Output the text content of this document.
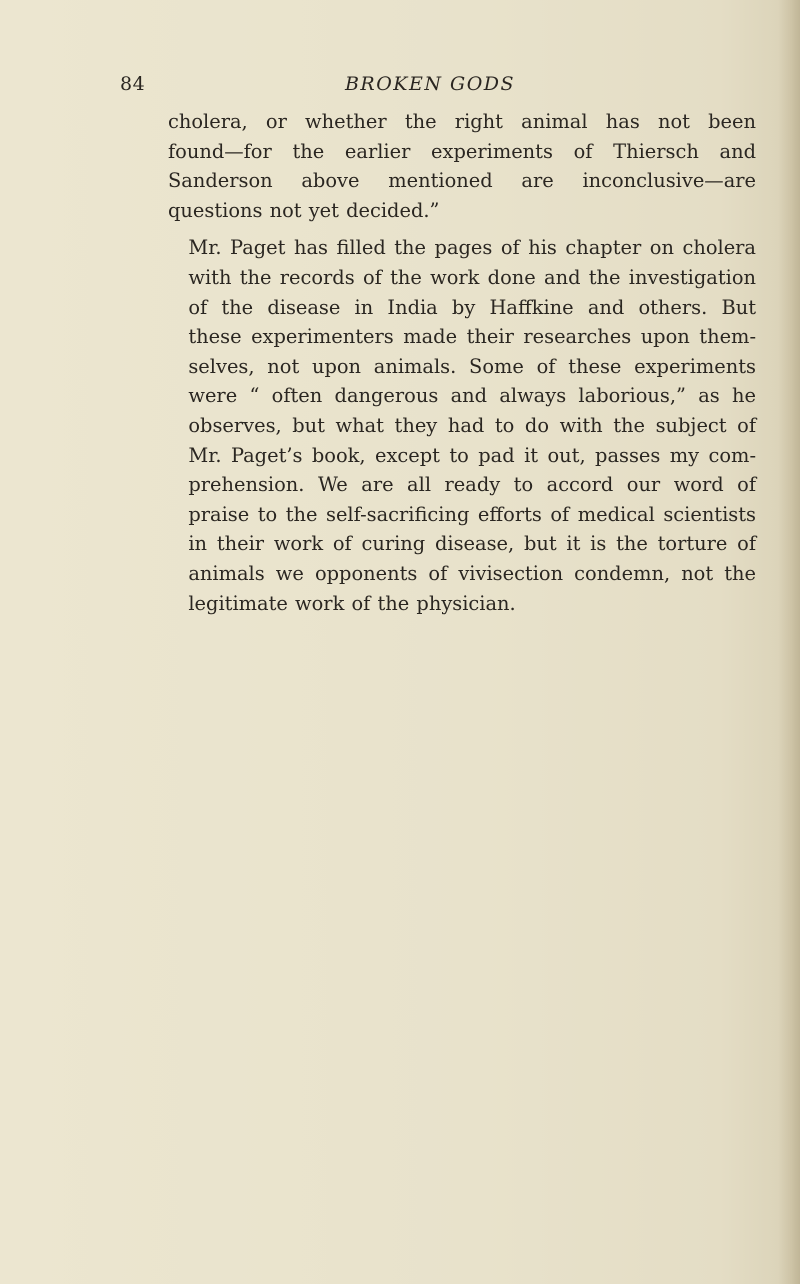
84	BROKEN GODS

cholera, or whether the right animal has not been
found—for the earlier experiments of Thiersch and
Sanderson above mentioned are inconclusive—are
questions not yet decided.”

Mr. Paget has filled the pages of his chapter on cholera
with the records of the work done and the investigation
of the disease in India by Haffkine and others. But
these experimenters made their researches upon them-
selves, not upon animals. Some of these experiments
were “ often dangerous and always laborious,” as he
observes, but what they had to do with the subject of
Mr. Paget’s book, except to pad it out, passes my com-
prehension. We are all ready to accord our word of
praise to the self-sacrificing efforts of medical scientists
in their work of curing disease, but it is the torture of
animals we opponents of vivisection condemn, not the
legitimate work of the physician.
